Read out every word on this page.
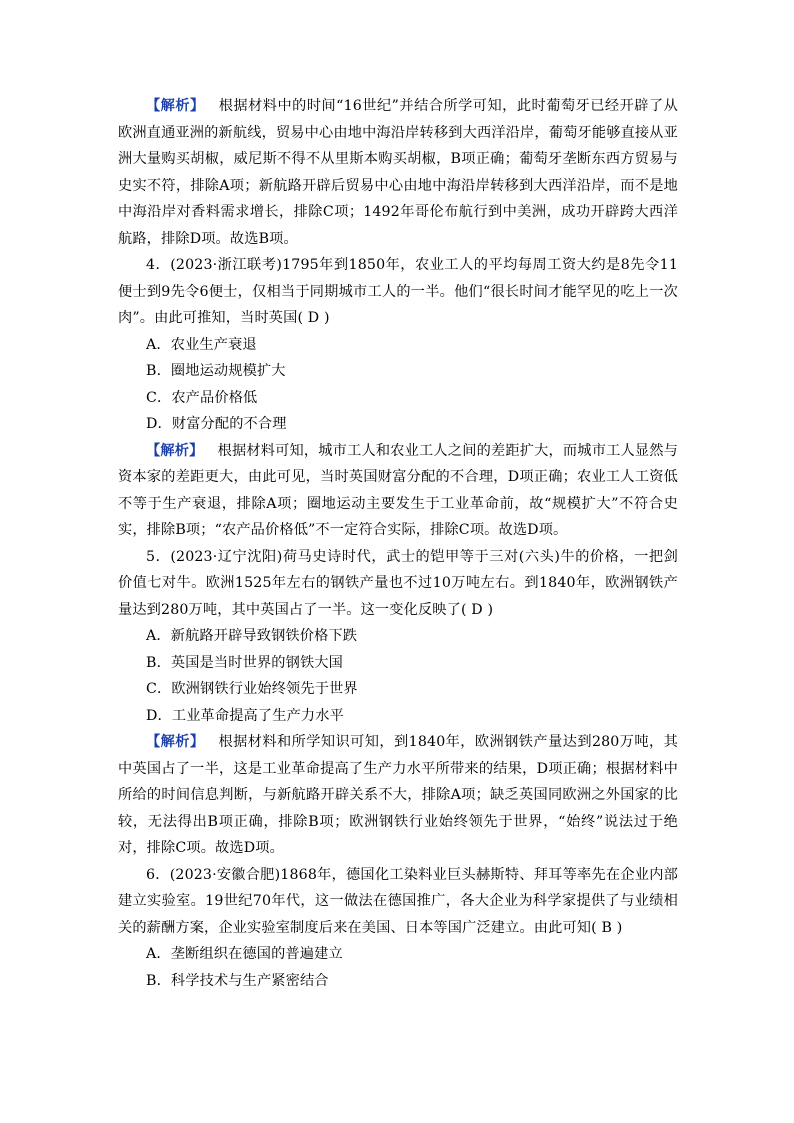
【解析】 根据材料中的时间“16世纪”并结合所学可知，此时葡萄牙已经开辟了从欧洲直通亚洲的新航线，贸易中心由地中海沿岸转移到大西洋沿岸，葡萄牙能够直接从亚洲大量购买胡椒，威尼斯不得不从里斯本购买胡椒，B项正确；葡萄牙垄断东西方贸易与史实不符，排除A项；新航路开辟后贸易中心由地中海沿岸转移到大西洋沿岸，而不是地中海沿岸对香料需求增长，排除C项；1492年哥伦布航行到中美洲，成功开辟跨大西洋航路，排除D项。故选B项。

4．(2023·浙江联考)1795年到1850年，农业工人的平均每周工资大约是8先令11便士到9先令6便士，仅相当于同期城市工人的一半。他们“很长时间才能罕见的吃上一次肉”。由此可推知，当时英国( D )

A．农业生产衰退

B．圈地运动规模扩大

C．农产品价格低

D．财富分配的不合理

【解析】 根据材料可知，城市工人和农业工人之间的差距扩大，而城市工人显然与资本家的差距更大，由此可见，当时英国财富分配的不合理，D项正确；农业工人工资低不等于生产衰退，排除A项；圈地运动主要发生于工业革命前，故“规模扩大”不符合史实，排除B项；“农产品价格低”不一定符合实际，排除C项。故选D项。

5．(2023·辽宁沈阳)荷马史诗时代，武士的铠甲等于三对(六头)牛的价格，一把剑价值七对牛。欧洲1525年左右的钢铁产量也不过10万吨左右。到1840年，欧洲钢铁产量达到280万吨，其中英国占了一半。这一变化反映了( D )

A．新航路开辟导致钢铁价格下跌

B．英国是当时世界的钢铁大国

C．欧洲钢铁行业始终领先于世界

D．工业革命提高了生产力水平

【解析】 根据材料和所学知识可知，到1840年，欧洲钢铁产量达到280万吨，其中英国占了一半，这是工业革命提高了生产力水平所带来的结果，D项正确；根据材料中所给的时间信息判断，与新航路开辟关系不大，排除A项；缺乏英国同欧洲之外国家的比较，无法得出B项正确，排除B项；欧洲钢铁行业始终领先于世界，“始终”说法过于绝对，排除C项。故选D项。

6．(2023·安徽合肥)1868年，德国化工染料业巨头赫斯特、拜耳等率先在企业内部建立实验室。19世纪70年代，这一做法在德国推广，各大企业为科学家提供了与业绩相关的薪酬方案，企业实验室制度后来在美国、日本等国广泛建立。由此可知( B )

A．垄断组织在德国的普遍建立

B．科学技术与生产紧密结合
